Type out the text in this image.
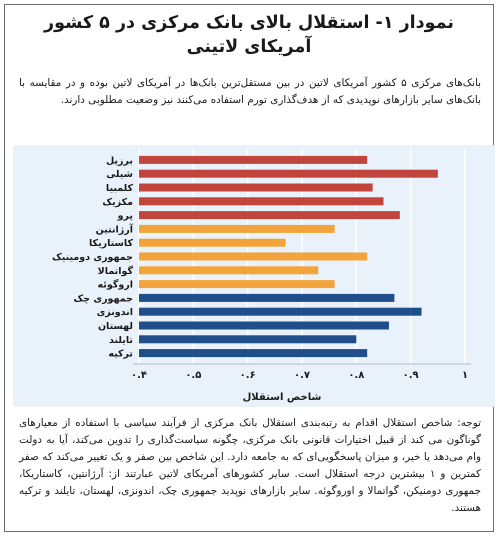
نمودار ۱- استقلال بالای بانک مرکزی در ۵ کشور
آمریکای لاتینی
بانک‌های مرکزی ۵ کشور آمریکای لاتین در بین مستقل‌ترین بانک‌ها در آمریکای لاتین بوده و در مقایسه با بانک‌های سایر بازارهای نوپدیدی که از هدف‌گذاری تورم استفاده می‌کنند نیز وضعیت مطلوبی دارند.
برزیل
شیلی
کلمبیا
مکزیک
پرو
آرژانتین
کاستاریکا
جمهوری دومینیک
گواتمالا
اروگوئه
جمهوری چک
اندونزی
لهستان
تایلند
ترکیه
۰.۴	۰.۵	۰.۶	۰.۷	۰.۸	۰.۹	۱
شاخص استقلال
توجه: شاخص استقلال اقدام به رتبه‌بندی استقلال بانک مرکزی از فرآیند سیاسی با استفاده از معیارهای گوناگون می کند از قبیل اختیارات قانونی بانک مرکزی، چگونه سیاست‌گذاری را تدوین می‌کند، آیا به دولت وام می‌دهد یا خیر، و میزان پاسخگویی‌ای که به جامعه دارد. این شاخص بین صفر و یک تغییر می‌کند که صفر کمترین و ۱ بیشترین درجه استقلال است. سایر کشورهای آمریکای لاتین عبارتند از: آرژانتین، کاستاریکا، جمهوری دومنیکن، گواتمالا و اوروگوئه. سایر بازارهای نوپدید جمهوری چک، اندونزی، لهستان، تایلند و ترکیه هستند.
